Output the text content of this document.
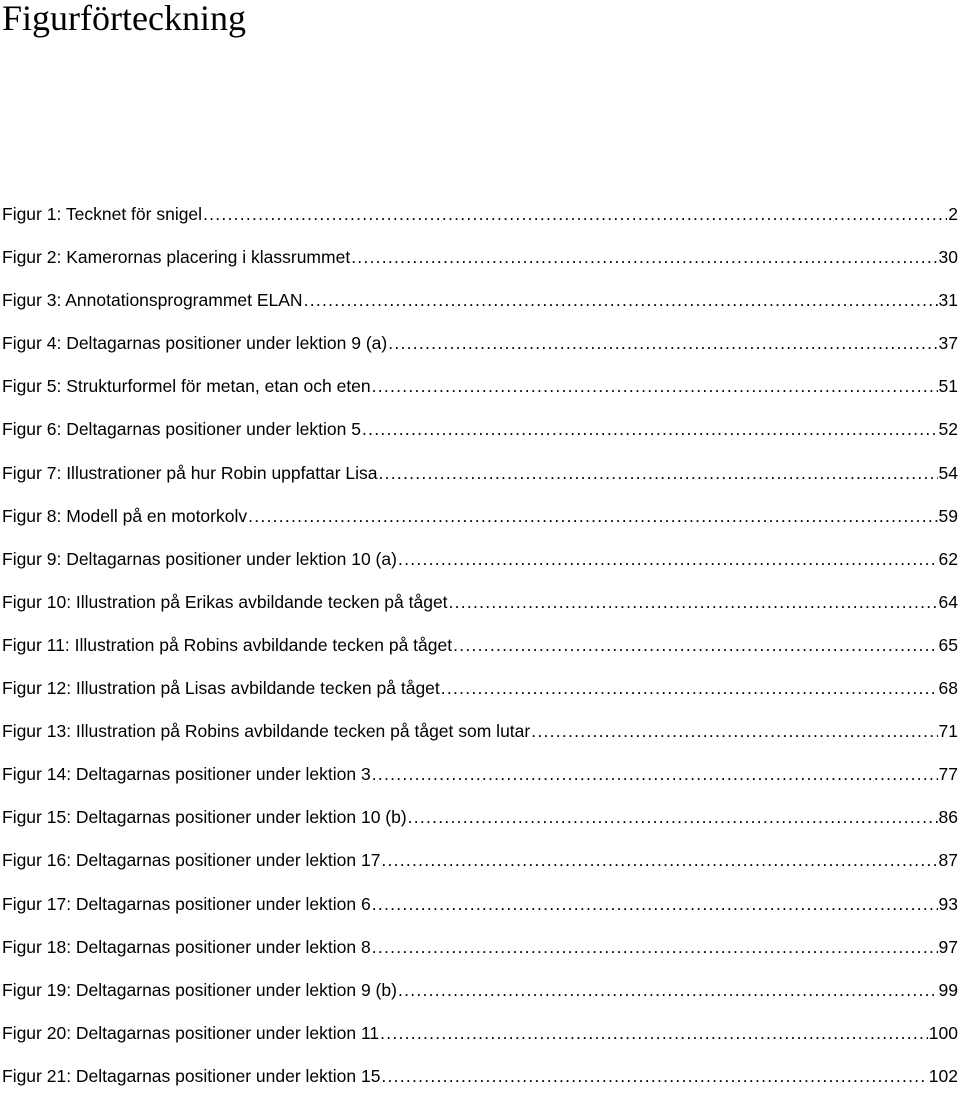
Figurförteckning
Figur 1: Tecknet för snigel . . .	2
Figur 2: Kamerornas placering i klassrummet . . .	30
Figur 3: Annotationsprogrammet ELAN . . .	31
Figur 4: Deltagarnas positioner under lektion 9 (a) . . .	37
Figur 5: Strukturformel för metan, etan och eten . . .	51
Figur 6: Deltagarnas positioner under lektion 5 . . .	52
Figur 7: Illustrationer på hur Robin uppfattar Lisa . . .	54
Figur 8: Modell på en motorkolv . . .	59
Figur 9: Deltagarnas positioner under lektion 10 (a) . . .	62
Figur 10: Illustration på Erikas avbildande tecken på tåget . . .	64
Figur 11: Illustration på Robins avbildande tecken på tåget . . .	65
Figur 12: Illustration på Lisas avbildande tecken på tåget . . .	68
Figur 13: Illustration på Robins avbildande tecken på tåget som lutar . . .	71
Figur 14: Deltagarnas positioner under lektion 3 . . .	77
Figur 15: Deltagarnas positioner under lektion 10 (b) . . .	86
Figur 16: Deltagarnas positioner under lektion 17 . . .	87
Figur 17: Deltagarnas positioner under lektion 6 . . .	93
Figur 18: Deltagarnas positioner under lektion 8 . . .	97
Figur 19: Deltagarnas positioner under lektion 9 (b) . . .	99
Figur 20: Deltagarnas positioner under lektion 11 . . .	100
Figur 21: Deltagarnas positioner under lektion 15 . . .	102
